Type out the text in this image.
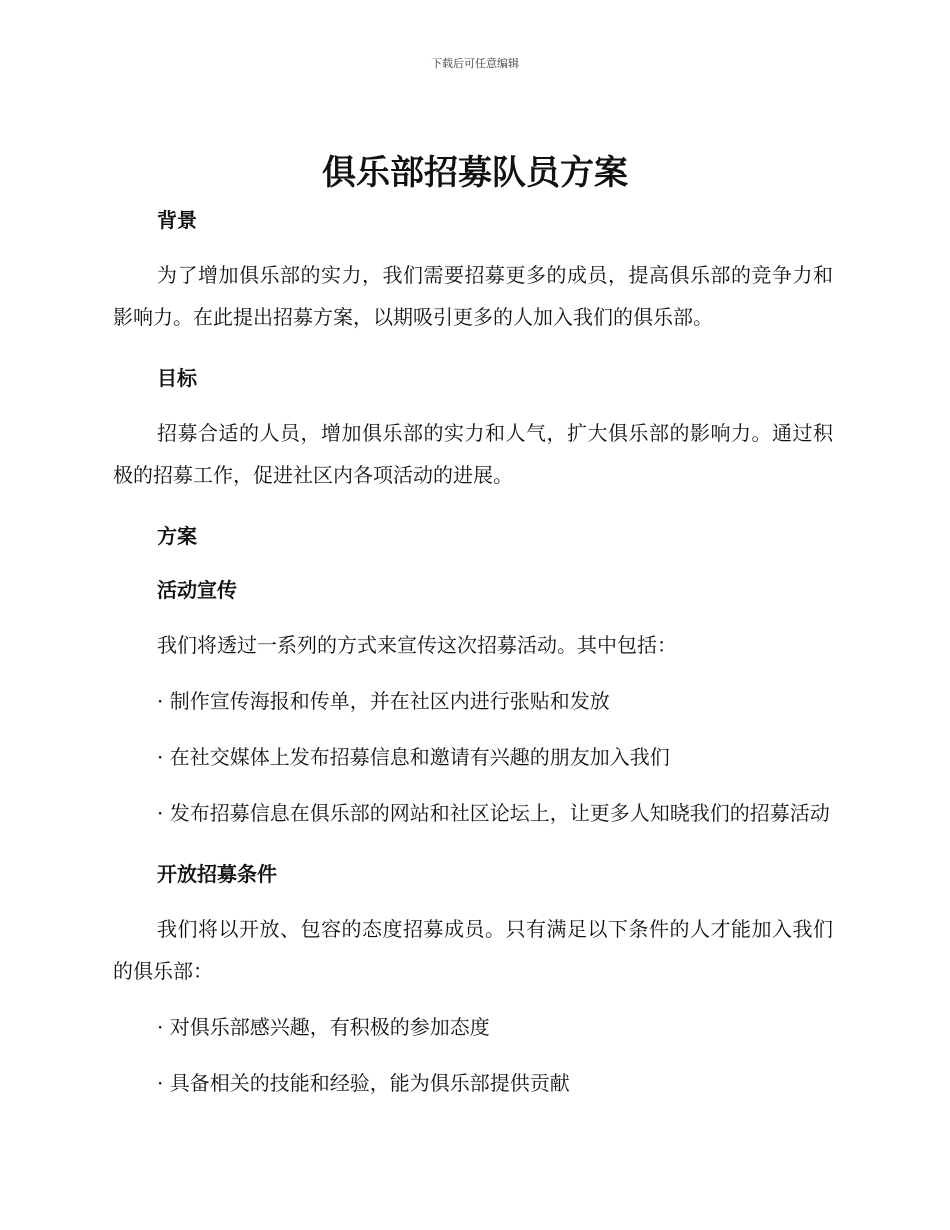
下载后可任意编辑
俱乐部招募队员方案
背景

为了增加俱乐部的实力，我们需要招募更多的成员，提高俱乐部的竞争力和影响力。在此提出招募方案，以期吸引更多的人加入我们的俱乐部。

目标

招募合适的人员，增加俱乐部的实力和人气，扩大俱乐部的影响力。通过积极的招募工作，促进社区内各项活动的进展。

方案
活动宣传

我们将透过一系列的方式来宣传这次招募活动。其中包括：

· 制作宣传海报和传单，并在社区内进行张贴和发放

· 在社交媒体上发布招募信息和邀请有兴趣的朋友加入我们

· 发布招募信息在俱乐部的网站和社区论坛上，让更多人知晓我们的招募活动

开放招募条件

我们将以开放、包容的态度招募成员。只有满足以下条件的人才能加入我们的俱乐部：

· 对俱乐部感兴趣，有积极的参加态度

· 具备相关的技能和经验，能为俱乐部提供贡献
